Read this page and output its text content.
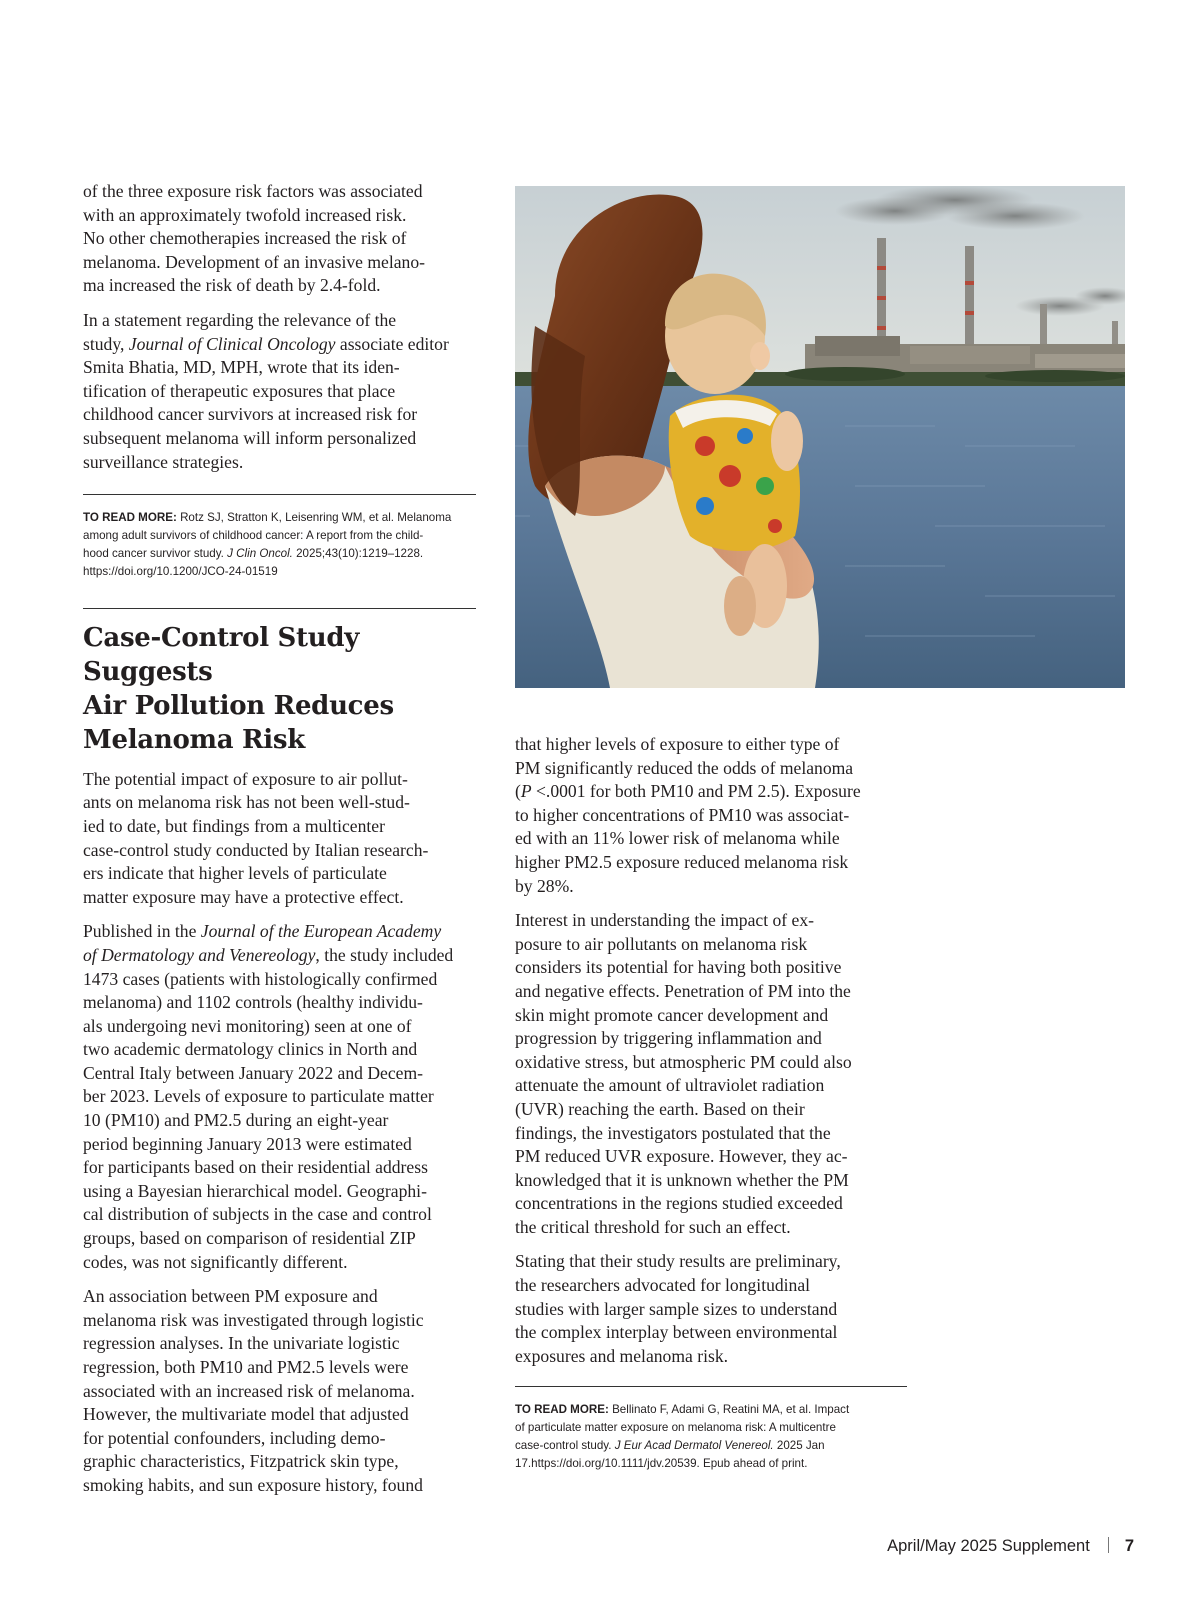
of the three exposure risk factors was associated
with an approximately twofold increased risk.
No other chemotherapies increased the risk of
melanoma. Development of an invasive melano-
ma increased the risk of death by 2.4-fold.

In a statement regarding the relevance of the
study, Journal of Clinical Oncology associate editor
Smita Bhatia, MD, MPH, wrote that its iden-
tification of therapeutic exposures that place
childhood cancer survivors at increased risk for
subsequent melanoma will inform personalized
surveillance strategies.

TO READ MORE: Rotz SJ, Stratton K, Leisenring WM, et al. Melanoma
among adult survivors of childhood cancer: A report from the child-
hood cancer survivor study. J Clin Oncol. 2025;43(10):1219–1228.
https://doi.org/10.1200/JCO-24-01519

Case-Control Study Suggests
Air Pollution Reduces
Melanoma Risk

The potential impact of exposure to air pollut-
ants on melanoma risk has not been well-stud-
ied to date, but findings from a multicenter
case-control study conducted by Italian research-
ers indicate that higher levels of particulate
matter exposure may have a protective effect.

Published in the Journal of the European Academy
of Dermatology and Venereology, the study included
1473 cases (patients with histologically confirmed
melanoma) and 1102 controls (healthy individu-
als undergoing nevi monitoring) seen at one of
two academic dermatology clinics in North and
Central Italy between January 2022 and Decem-
ber 2023. Levels of exposure to particulate matter
10 (PM10) and PM2.5 during an eight-year
period beginning January 2013 were estimated
for participants based on their residential address
using a Bayesian hierarchical model. Geographi-
cal distribution of subjects in the case and control
groups, based on comparison of residential ZIP
codes, was not significantly different.

An association between PM exposure and
melanoma risk was investigated through logistic
regression analyses. In the univariate logistic
regression, both PM10 and PM2.5 levels were
associated with an increased risk of melanoma.
However, the multivariate model that adjusted
for potential confounders, including demo-
graphic characteristics, Fitzpatrick skin type,
smoking habits, and sun exposure history, found

that higher levels of exposure to either type of
PM significantly reduced the odds of melanoma
(P <.0001 for both PM10 and PM 2.5). Exposure
to higher concentrations of PM10 was associat-
ed with an 11% lower risk of melanoma while
higher PM2.5 exposure reduced melanoma risk
by 28%.

Interest in understanding the impact of ex-
posure to air pollutants on melanoma risk
considers its potential for having both positive
and negative effects. Penetration of PM into the
skin might promote cancer development and
progression by triggering inflammation and
oxidative stress, but atmospheric PM could also
attenuate the amount of ultraviolet radiation
(UVR) reaching the earth. Based on their
findings, the investigators postulated that the
PM reduced UVR exposure. However, they ac-
knowledged that it is unknown whether the PM
concentrations in the regions studied exceeded
the critical threshold for such an effect.

Stating that their study results are preliminary,
the researchers advocated for longitudinal
studies with larger sample sizes to understand
the complex interplay between environmental
exposures and melanoma risk.

TO READ MORE: Bellinato F, Adami G, Reatini MA, et al. Impact
of particulate matter exposure on melanoma risk: A multicentre
case-control study. J Eur Acad Dermatol Venereol. 2025 Jan
17.https://doi.org/10.1111/jdv.20539. Epub ahead of print.

April/May 2025 Supplement 7
